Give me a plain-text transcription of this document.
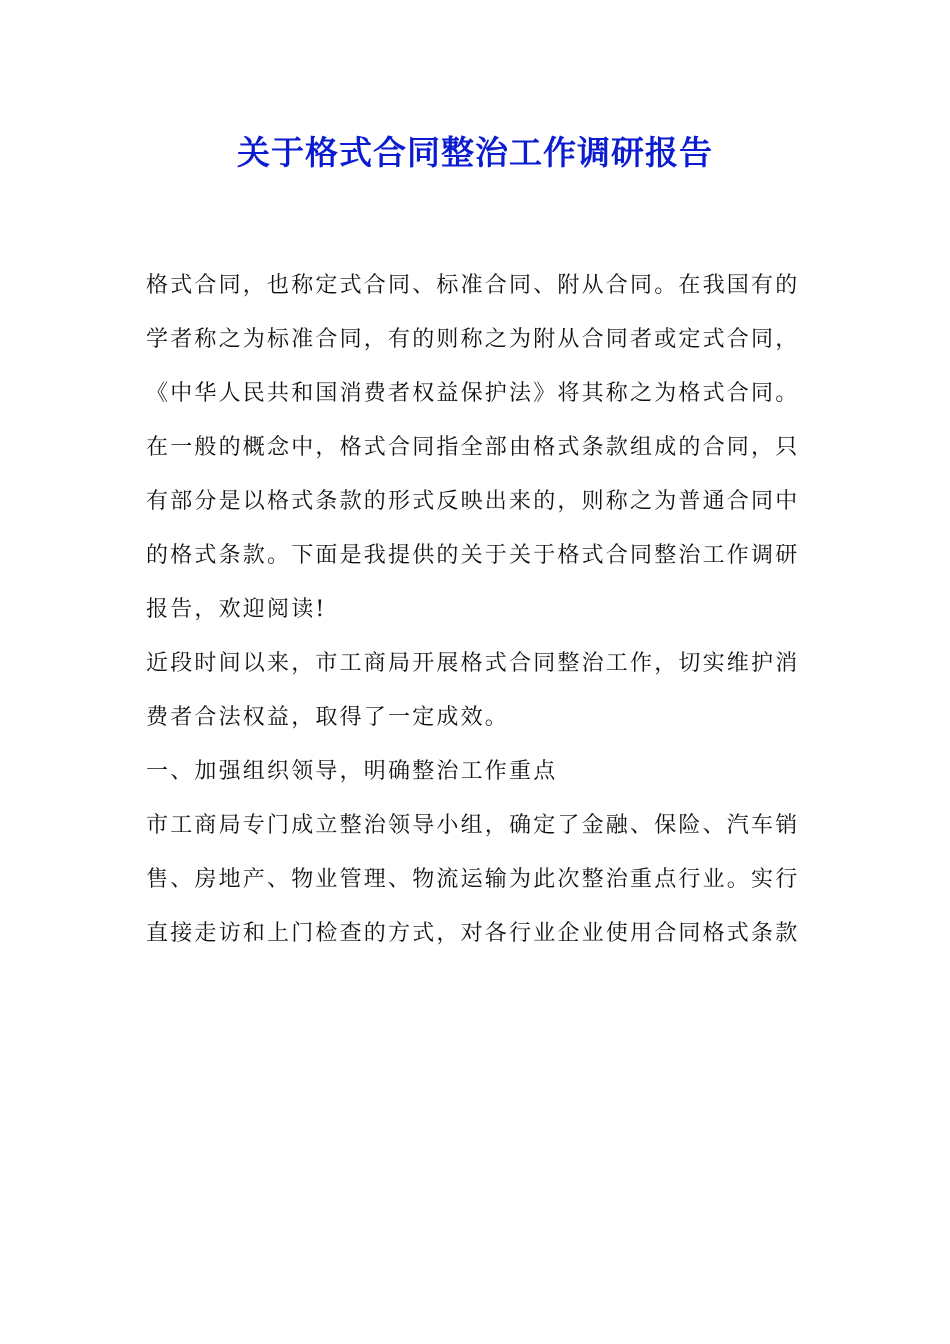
关于格式合同整治工作调研报告
格式合同，也称定式合同、标准合同、附从合同。在我国有的
学者称之为标准合同，有的则称之为附从合同者或定式合同，
《中华人民共和国消费者权益保护法》将其称之为格式合同。
在一般的概念中，格式合同指全部由格式条款组成的合同，只
有部分是以格式条款的形式反映出来的，则称之为普通合同中
的格式条款。下面是我提供的关于关于格式合同整治工作调研
报告，欢迎阅读!
近段时间以来，市工商局开展格式合同整治工作，切实维护消
费者合法权益，取得了一定成效。
一、加强组织领导，明确整治工作重点
市工商局专门成立整治领导小组，确定了金融、保险、汽车销
售、房地产、物业管理、物流运输为此次整治重点行业。实行
直接走访和上门检查的方式，对各行业企业使用合同格式条款
